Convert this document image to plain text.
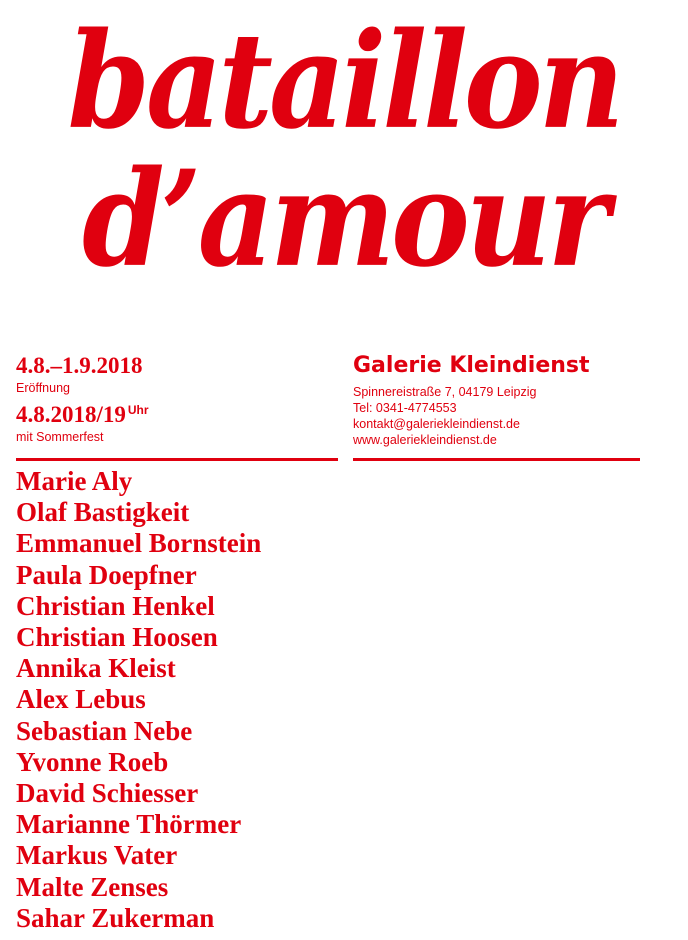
bataillon
d’amour
4.8.–1.9.2018
Eröffnung
4.8.2018/19 $^{Uhr}$
mit Sommerfest
Galerie Kleindienst
Spinnereistraße 7, 04179 Leipzig
Tel: 0341-4774553
kontakt@galeriekleindienst.de
www.galeriekleindienst.de
Marie Aly
Olaf Bastigkeit
Emmanuel Bornstein
Paula Doepfner
Christian Henkel
Christian Hoosen
Annika Kleist
Alex Lebus
Sebastian Nebe
Yvonne Roeb
David Schiesser
Marianne Thörmer
Markus Vater
Malte Zenses
Sahar Zukerman
